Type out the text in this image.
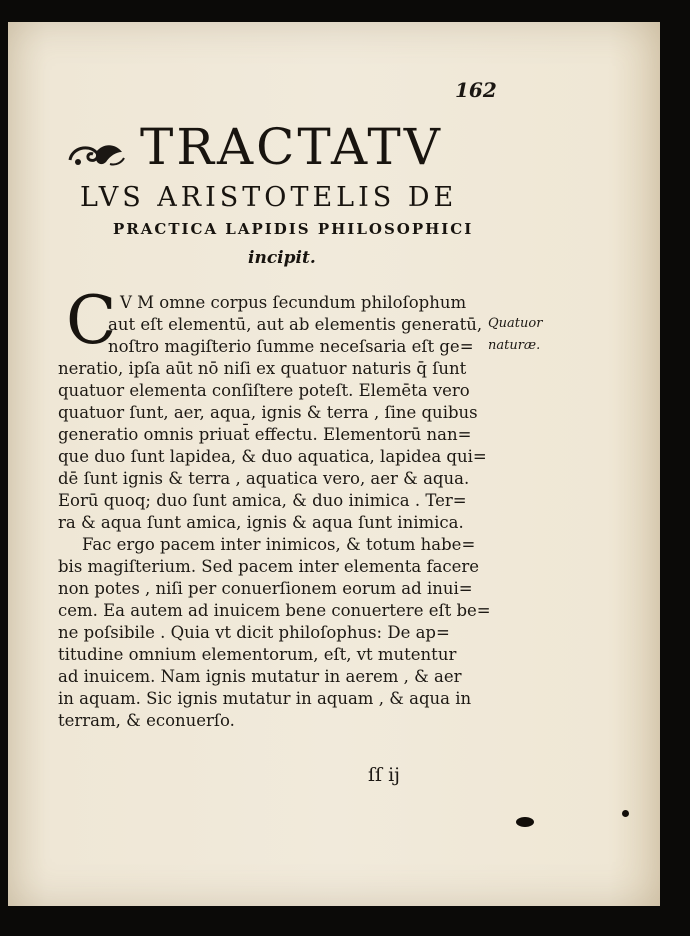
162

TRACTATV

LVS ARISTOTELIS DE

PRACTICA LAPIDIS PHILOSOPHICI

incipit.

C V M omne corpus ſecundum philoſophum

aut eſt elementū, aut ab elementis generatū,

noſtro magiſterio ſumme neceſsaria eſt ge=

neratio, ipſa aūt nō niſi ex quatuor naturis q̄ ſunt

quatuor elementa conſiſtere poteſt. Elemēta vero

quatuor ſunt, aer, aqua, ignis & terra , ſine quibus

generatio omnis priuat̄ effectu. Elementorū nan=

que duo ſunt lapidea, & duo aquatica, lapidea qui=

dē ſunt ignis & terra , aquatica vero, aer & aqua.

Eorū quoq; duo ſunt amica, & duo inimica . Ter=

ra & aqua ſunt amica, ignis & aqua ſunt inimica.

Fac ergo pacem inter inimicos, & totum habe=

bis magiſterium. Sed pacem inter elementa facere

non potes , niſi per conuerſionem eorum ad inui=

cem. Ea autem ad inuicem bene conuertere eſt be=

ne poſsibile . Quia vt dicit philoſophus: De ap=

titudine omnium elementorum, eſt, vt mutentur

ad inuicem. Nam ignis mutatur in aerem , & aer

in aquam. Sic ignis mutatur in aquam , & aqua in

terram, & econuerſo.

Quatuor
naturæ.

ſſ ij
